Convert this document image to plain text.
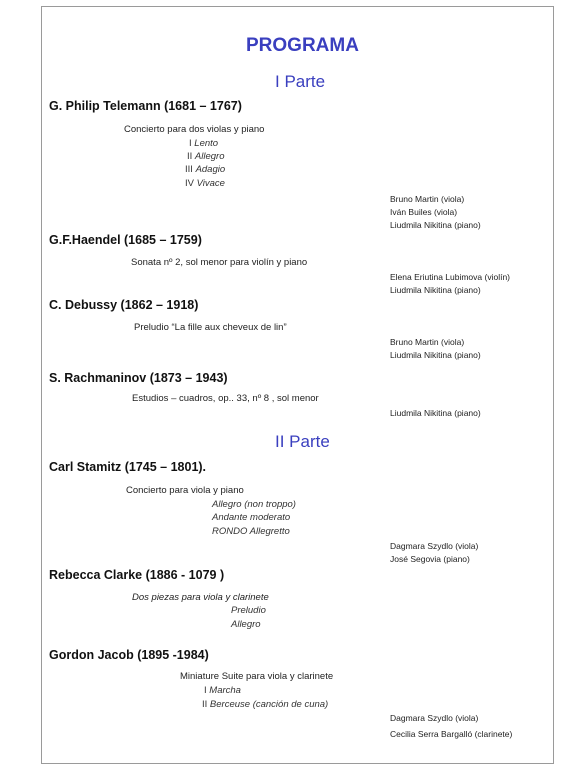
PROGRAMA
I Parte
G. Philip Telemann (1681 – 1767)
Concierto para dos violas y piano
I Lento
II Allegro
III Adagio
IV Vivace
Bruno Martin (viola)
Iván Builes (viola)
Liudmila Nikitina (piano)
G.F.Haendel (1685 – 1759)
Sonata nº 2, sol menor para violín y piano
Elena Eriutina Lubimova (violín)
Liudmila Nikitina (piano)
C. Debussy (1862 – 1918)
Preludio “La fille aux cheveux de lin”
Bruno Martin (viola)
Liudmila Nikitina (piano)
S. Rachmaninov (1873 – 1943)
Estudios – cuadros, op.. 33, nº 8 , sol menor
Liudmila Nikitina (piano)
II Parte
Carl Stamitz (1745 – 1801).
Concierto para viola y piano
Allegro (non troppo)
Andante moderato
RONDO Allegretto
Dagmara Szydlo (viola)
José Segovia (piano)
Rebecca Clarke (1886 - 1079 )
Dos piezas para viola y clarinete
Preludio
Allegro
Gordon Jacob (1895 -1984)
Miniature Suite para viola y clarinete
I Marcha
II Berceuse (canción de cuna)
Dagmara Szydlo (viola)
Cecilia Serra Bargalló (clarinete)
